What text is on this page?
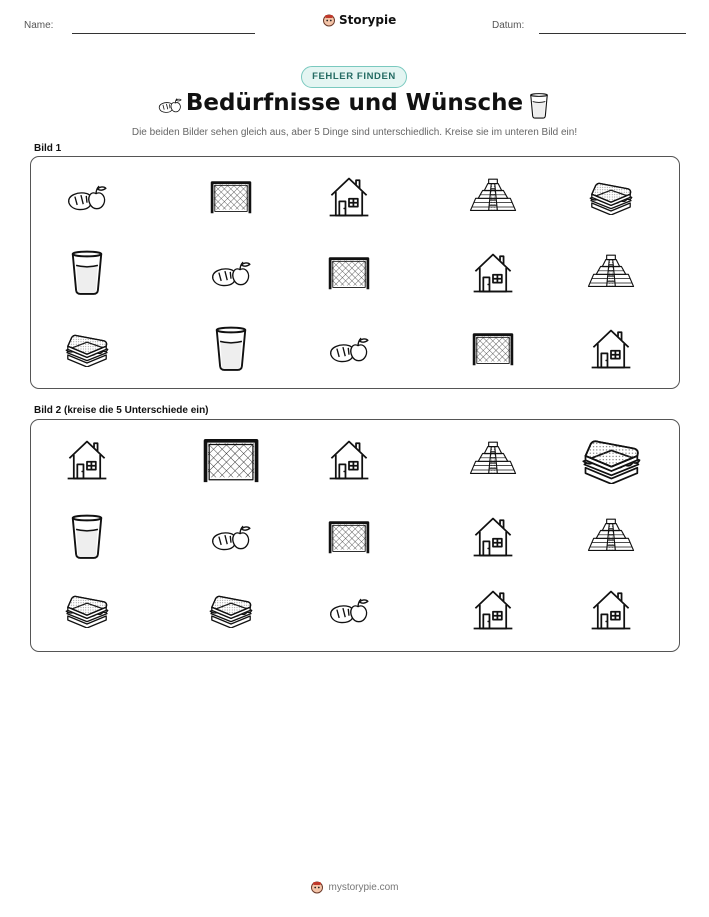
Name:	Storypie	Datum:
FEHLER FINDEN
Bedürfnisse und Wünsche
Die beiden Bilder sehen gleich aus, aber 5 Dinge sind unterschiedlich. Kreise sie im unteren Bild ein!
Bild 1
Bild 2 (kreise die 5 Unterschiede ein)
mystorypie.com
